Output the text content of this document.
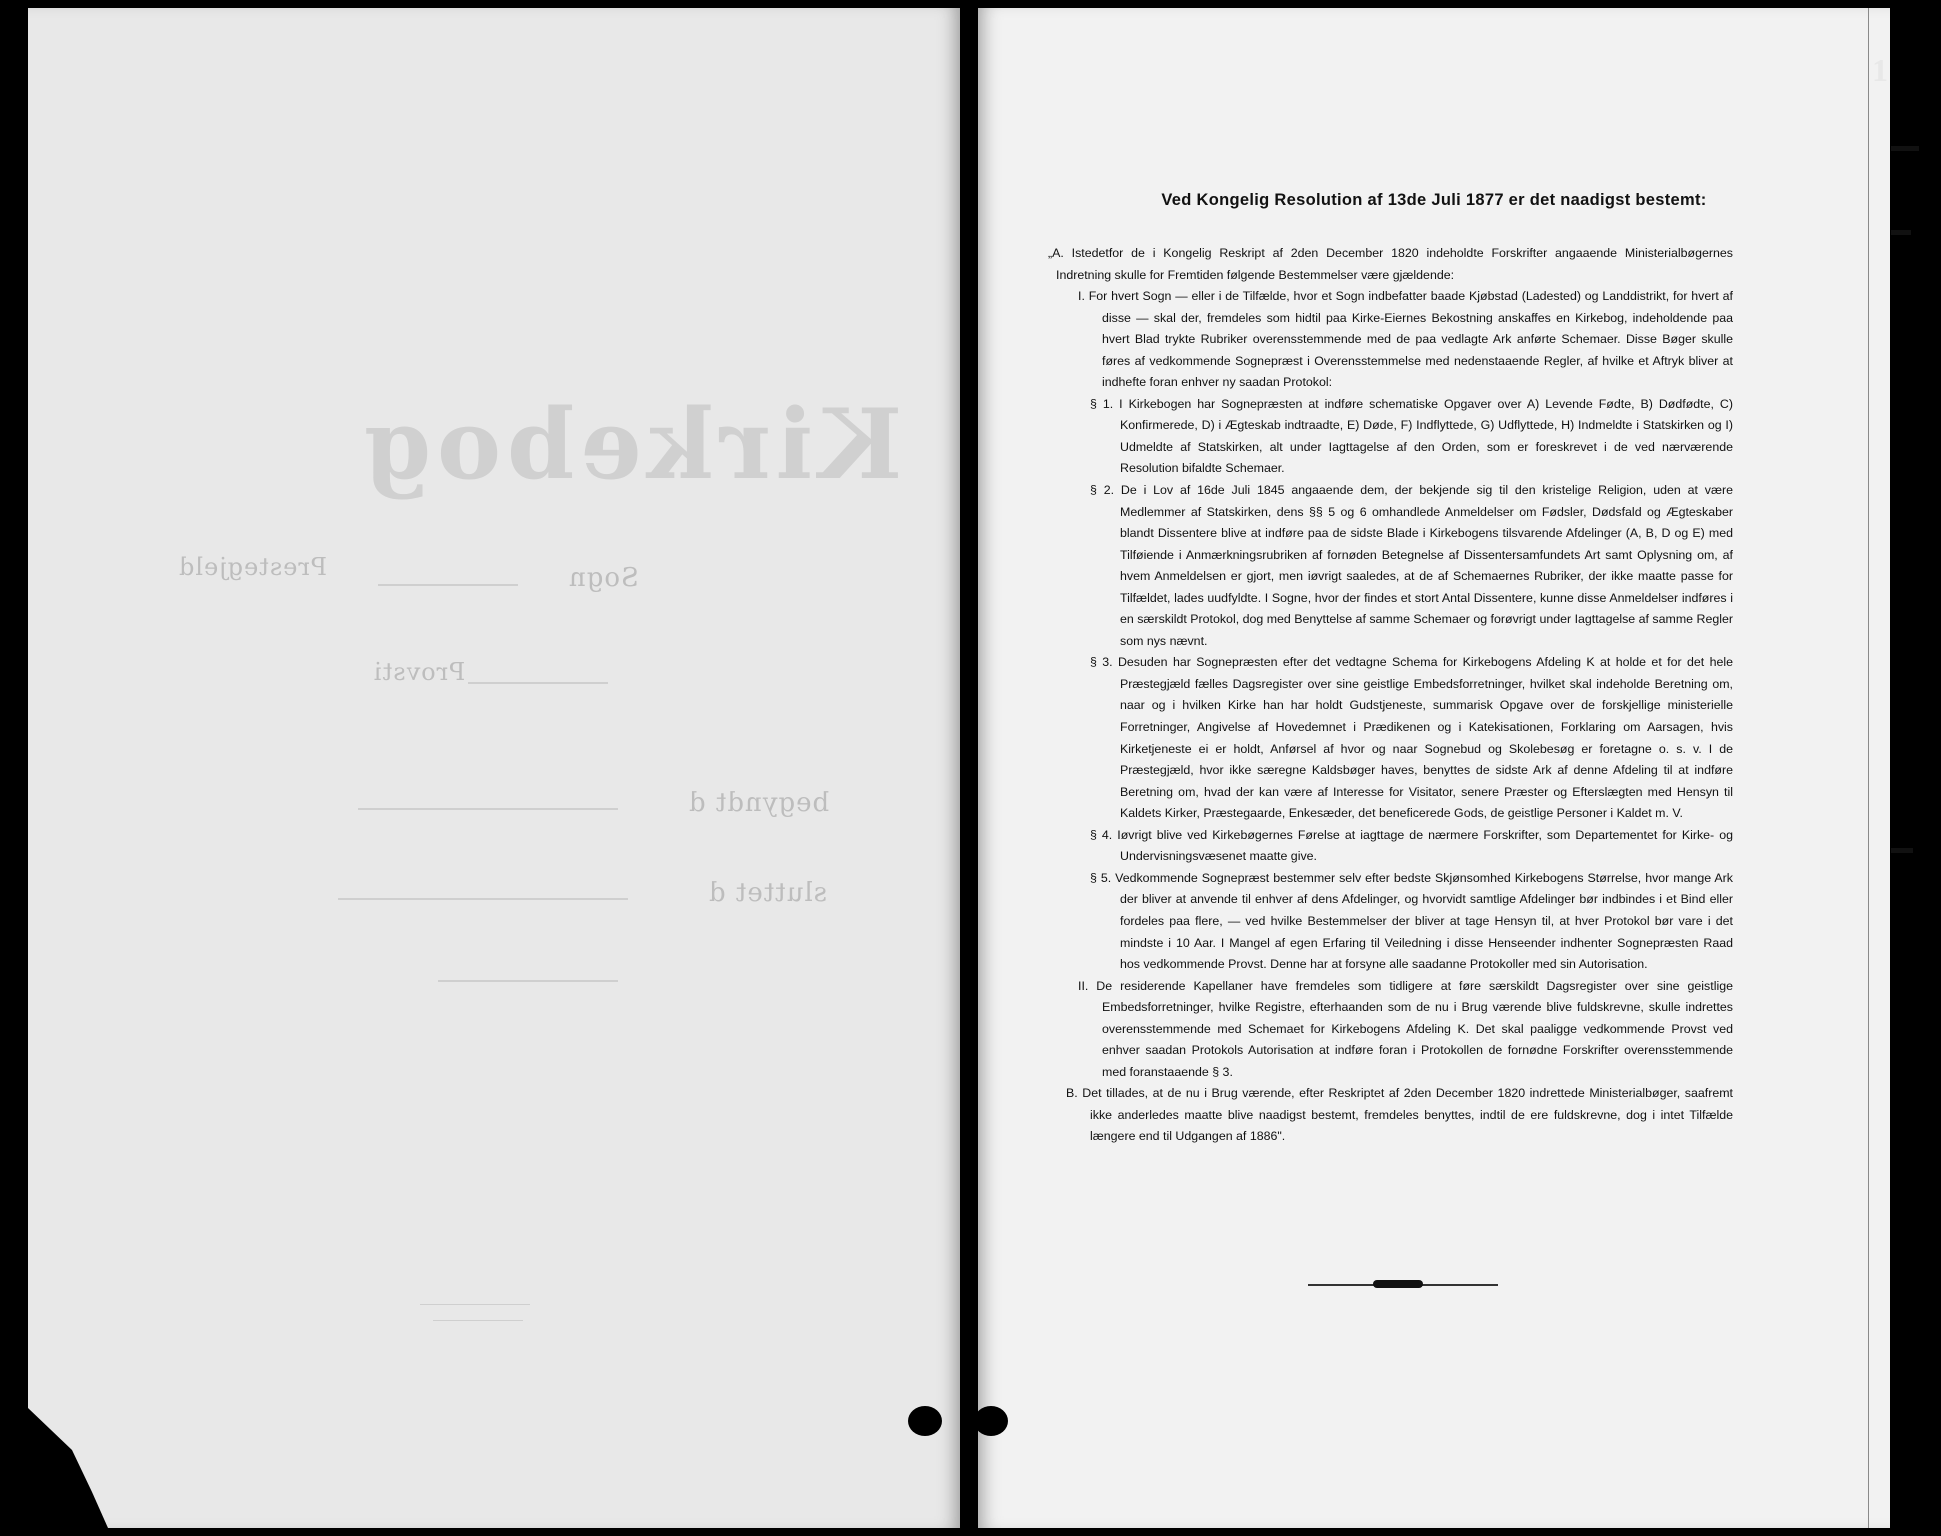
Kirkebog
Prestegjeld	Sogn
Provsti
begyndt d
sluttet d
Ved Kongelig Resolution af 13de Juli 1877 er det naadigst bestemt:
„A. Istedetfor de i Kongelig Reskript af 2den December 1820 indeholdte Forskrifter angaaende Ministerialbøgernes Indretning skulle for Fremtiden følgende Bestemmelser være gjældende:
I. For hvert Sogn — eller i de Tilfælde, hvor et Sogn indbefatter baade Kjøbstad (Ladested) og Landdistrikt, for hvert af disse — skal der, fremdeles som hidtil paa Kirke-Eiernes Bekostning anskaffes en Kirkebog, indeholdende paa hvert Blad trykte Rubriker overensstemmende med de paa vedlagte Ark anførte Schemaer. Disse Bøger skulle føres af vedkommende Sognepræst i Overensstemmelse med nedenstaaende Regler, af hvilke et Aftryk bliver at indhefte foran enhver ny saadan Protokol:
§ 1. I Kirkebogen har Sognepræsten at indføre schematiske Opgaver over A) Levende Fødte, B) Dødfødte, C) Konfirmerede, D) i Ægteskab indtraadte, E) Døde, F) Indflyttede, G) Udflyttede, H) Indmeldte i Statskirken og I) Udmeldte af Statskirken, alt under Iagttagelse af den Orden, som er foreskrevet i de ved nærværende Resolution bifaldte Schemaer.
§ 2. De i Lov af 16de Juli 1845 angaaende dem, der bekjende sig til den kristelige Religion, uden at være Medlemmer af Statskirken, dens §§ 5 og 6 omhandlede Anmeldelser om Fødsler, Dødsfald og Ægteskaber blandt Dissentere blive at indføre paa de sidste Blade i Kirkebogens tilsvarende Afdelinger (A, B, D og E) med Tilføiende i Anmærkningsrubriken af fornøden Betegnelse af Dissentersamfundets Art samt Oplysning om, af hvem Anmeldelsen er gjort, men iøvrigt saaledes, at de af Schemaernes Rubriker, der ikke maatte passe for Tilfældet, lades uudfyldte. I Sogne, hvor der findes et stort Antal Dissentere, kunne disse Anmeldelser indføres i en særskildt Protokol, dog med Benyttelse af samme Schemaer og forøvrigt under Iagttagelse af samme Regler som nys nævnt.
§ 3. Desuden har Sognepræsten efter det vedtagne Schema for Kirkebogens Afdeling K at holde et for det hele Præstegjæld fælles Dagsregister over sine geistlige Embedsforretninger, hvilket skal indeholde Beretning om, naar og i hvilken Kirke han har holdt Gudstjeneste, summarisk Opgave over de forskjellige ministerielle Forretninger, Angivelse af Hovedemnet i Prædikenen og i Katekisationen, Forklaring om Aarsagen, hvis Kirketjeneste ei er holdt, Anførsel af hvor og naar Sognebud og Skolebesøg er foretagne o. s. v. I de Præstegjæld, hvor ikke særegne Kaldsbøger haves, benyttes de sidste Ark af denne Afdeling til at indføre Beretning om, hvad der kan være af Interesse for Visitator, senere Præster og Efterslægten med Hensyn til Kaldets Kirker, Præstegaarde, Enkesæder, det beneficerede Gods, de geistlige Personer i Kaldet m. V.
§ 4. Iøvrigt blive ved Kirkebøgernes Førelse at iagttage de nærmere Forskrifter, som Departementet for Kirke- og Undervisningsvæsenet maatte give.
§ 5. Vedkommende Sognepræst bestemmer selv efter bedste Skjønsomhed Kirkebogens Størrelse, hvor mange Ark der bliver at anvende til enhver af dens Afdelinger, og hvorvidt samtlige Afdelinger bør indbindes i et Bind eller fordeles paa flere, — ved hvilke Bestemmelser der bliver at tage Hensyn til, at hver Protokol bør vare i det mindste i 10 Aar. I Mangel af egen Erfaring til Veiledning i disse Henseender indhenter Sognepræsten Raad hos vedkommende Provst. Denne har at forsyne alle saadanne Protokoller med sin Autorisation.
II. De residerende Kapellaner have fremdeles som tidligere at føre særskildt Dagsregister over sine geistlige Embedsforretninger, hvilke Registre, efterhaanden som de nu i Brug værende blive fuldskrevne, skulle indrettes overensstemmende med Schemaet for Kirkebogens Afdeling K. Det skal paaligge vedkommende Provst ved enhver saadan Protokols Autorisation at indføre foran i Protokollen de fornødne Forskrifter overensstemmende med foranstaaende § 3.
B. Det tillades, at de nu i Brug værende, efter Reskriptet af 2den December 1820 indrettede Ministerialbøger, saafremt ikke anderledes maatte blive naadigst bestemt, fremdeles benyttes, indtil de ere fuldskrevne, dog i intet Tilfælde længere end til Udgangen af 1886".
1
